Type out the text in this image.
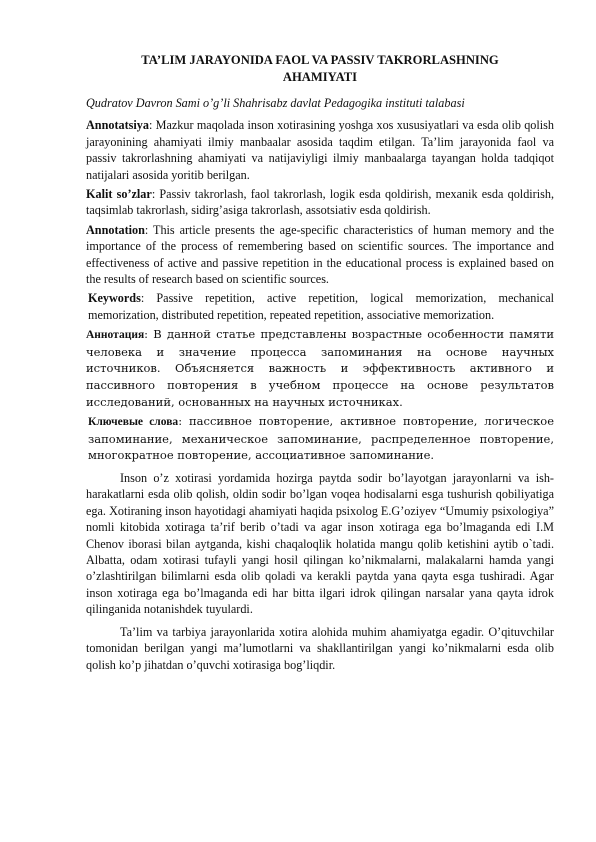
TA’LIM JARAYONIDA FAOL VA PASSIV TAKRORLASHNING AHAMIYATI

Qudratov Davron Sami o’g’li Shahrisabz davlat Pedagogika instituti talabasi

Annotatsiya: Mazkur maqolada inson xotirasining yoshga xos xususiyatlari va esda olib qolish jarayonining ahamiyati ilmiy manbaalar asosida taqdim etilgan. Ta’lim jarayonida faol va passiv takrorlashning ahamiyati va natijaviyligi ilmiy manbaalarga tayangan holda tadqiqot natijalari asosida yoritib berilgan.

Kalit so’zlar: Passiv takrorlash, faol takrorlash, logik esda qoldirish, mexanik esda qoldirish, taqsimlab takrorlash, sidirg’asiga takrorlash, assotsiativ esda qoldirish.

Annotation: This article presents the age-specific characteristics of human memory and the importance of the process of remembering based on scientific sources. The importance and effectiveness of active and passive repetition in the educational process is explained based on the results of research based on scientific sources.

Keywords: Passive repetition, active repetition, logical memorization, mechanical memorization, distributed repetition, repeated repetition, associative memorization.

Аннотация: В данной статье представлены возрастные особенности памяти человека и значение процесса запоминания на основе научных источников. Объясняется важность и эффективность активного и пассивного повторения в учебном процессе на основе результатов исследований, основанных на научных источниках.

Ключевые слова: пассивное повторение, активное повторение, логическое запоминание, механическое запоминание, распределенное повторение, многократное повторение, ассоциативное запоминание.

Inson o’z xotirasi yordamida hozirga paytda sodir bo’layotgan jarayonlarni va ish-harakatlarni esda olib qolish, oldin sodir bo’lgan voqea hodisalarni esga tushurish qobiliyatiga ega. Xotiraning inson hayotidagi ahamiyati haqida psixolog E.G’oziyev “Umumiy psixologiya” nomli kitobida xotiraga ta’rif berib o’tadi va agar inson xotiraga ega bo’lmaganda edi I.M Chenov iborasi bilan aytganda, kishi chaqaloqlik holatida mangu qolib ketishini aytib o`tadi. Albatta, odam xotirasi tufayli yangi hosil qilingan ko’nikmalarni, malakalarni hamda yangi o’zlashtirilgan bilimlarni esda olib qoladi va kerakli paytda yana qayta esga tushiradi. Agar inson xotiraga ega bo’lmaganda edi har bitta ilgari idrok qilingan narsalar yana qayta idrok qilinganida notanishdek tuyulardi.

Ta’lim va tarbiya jarayonlarida xotira alohida muhim ahamiyatga egadir. O’qituvchilar tomonidan berilgan yangi ma’lumotlarni va shakllantirilgan yangi ko’nikmalarni esda olib qolish ko’p jihatdan o’quvchi xotirasiga bog’liqdir.
